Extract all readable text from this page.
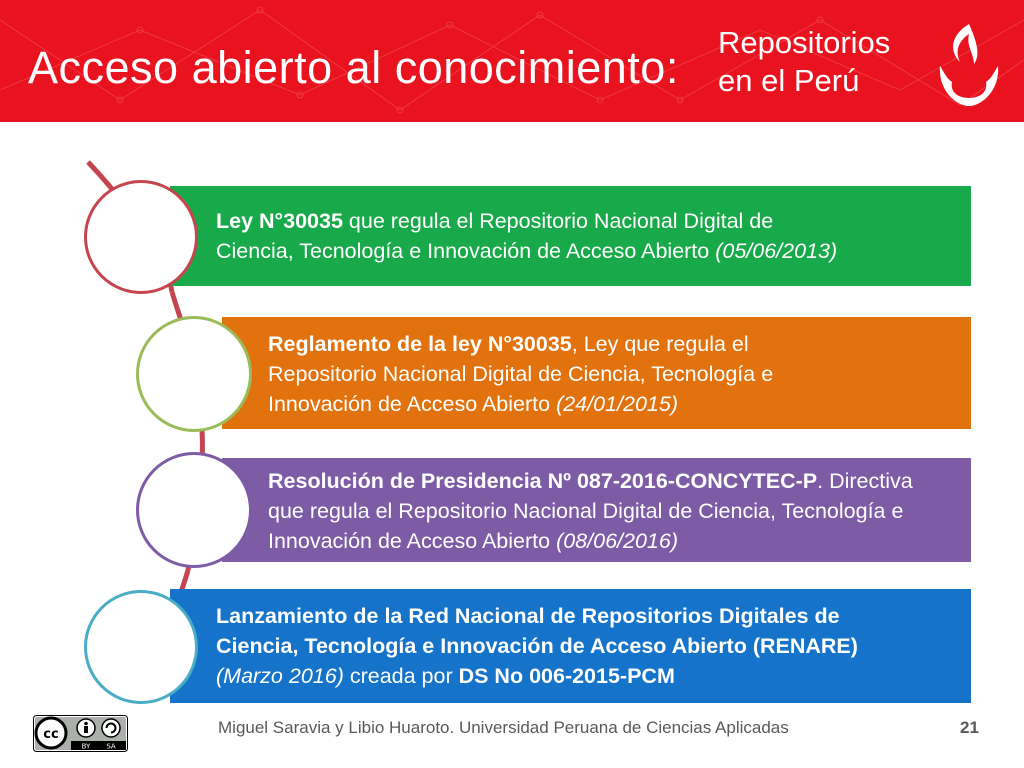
Acceso abierto al conocimiento: Repositorios
en el Perú
Ley N°30035 que regula el Repositorio Nacional Digital de
Ciencia, Tecnología e Innovación de Acceso Abierto (05/06/2013)
Reglamento de la ley N°30035, Ley que regula el
Repositorio Nacional Digital de Ciencia, Tecnología e
Innovación de Acceso Abierto (24/01/2015)
Resolución de Presidencia Nº 087-2016-CONCYTEC-P. Directiva
que regula el Repositorio Nacional Digital de Ciencia, Tecnología e
Innovación de Acceso Abierto (08/06/2016)
Lanzamiento de la Red Nacional de Repositorios Digitales de
Ciencia, Tecnología e Innovación de Acceso Abierto (RENARE)
(Marzo 2016) creada por DS No 006-2015-PCM
cc
BY SA
Miguel Saravia y Libio Huaroto. Universidad Peruana de Ciencias Aplicadas	21
